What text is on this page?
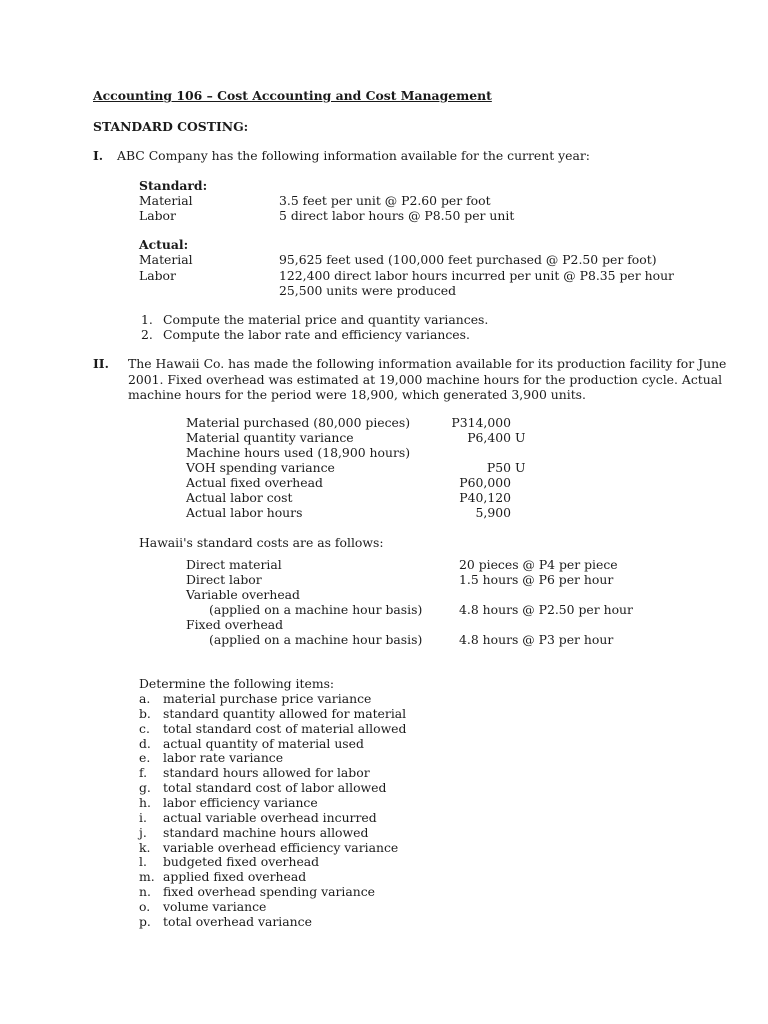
Accounting 106 – Cost Accounting and Cost Management
STANDARD COSTING:
I. ABC Company has the following information available for the current year:
Standard:
Material	3.5 feet per unit @ P2.60 per foot
Labor	5 direct labor hours @ P8.50 per unit
Actual:
Material	95,625 feet used (100,000 feet purchased @ P2.50 per foot)
Labor	122,400 direct labor hours incurred per unit @ P8.35 per hour
25,500 units were produced
1. Compute the material price and quantity variances.
2. Compute the labor rate and efficiency variances.
II. The Hawaii Co. has made the following information available for its production facility for June
2001. Fixed overhead was estimated at 19,000 machine hours for the production cycle. Actual
machine hours for the period were 18,900, which generated 3,900 units.
Material purchased (80,000 pieces)	P314,000
Material quantity variance	P6,400 U
Machine hours used (18,900 hours)
VOH spending variance	P50 U
Actual fixed overhead	P60,000
Actual labor cost	P40,120
Actual labor hours	5,900
Hawaii's standard costs are as follows:
Direct material	20 pieces @ P4 per piece
Direct labor	1.5 hours @ P6 per hour
Variable overhead
(applied on a machine hour basis)	4.8 hours @ P2.50 per hour
Fixed overhead
(applied on a machine hour basis)	4.8 hours @ P3 per hour
Determine the following items:
a. material purchase price variance
b. standard quantity allowed for material
c. total standard cost of material allowed
d. actual quantity of material used
e. labor rate variance
f. standard hours allowed for labor
g. total standard cost of labor allowed
h. labor efficiency variance
i. actual variable overhead incurred
j. standard machine hours allowed
k. variable overhead efficiency variance
l. budgeted fixed overhead
m. applied fixed overhead
n. fixed overhead spending variance
o. volume variance
p. total overhead variance
